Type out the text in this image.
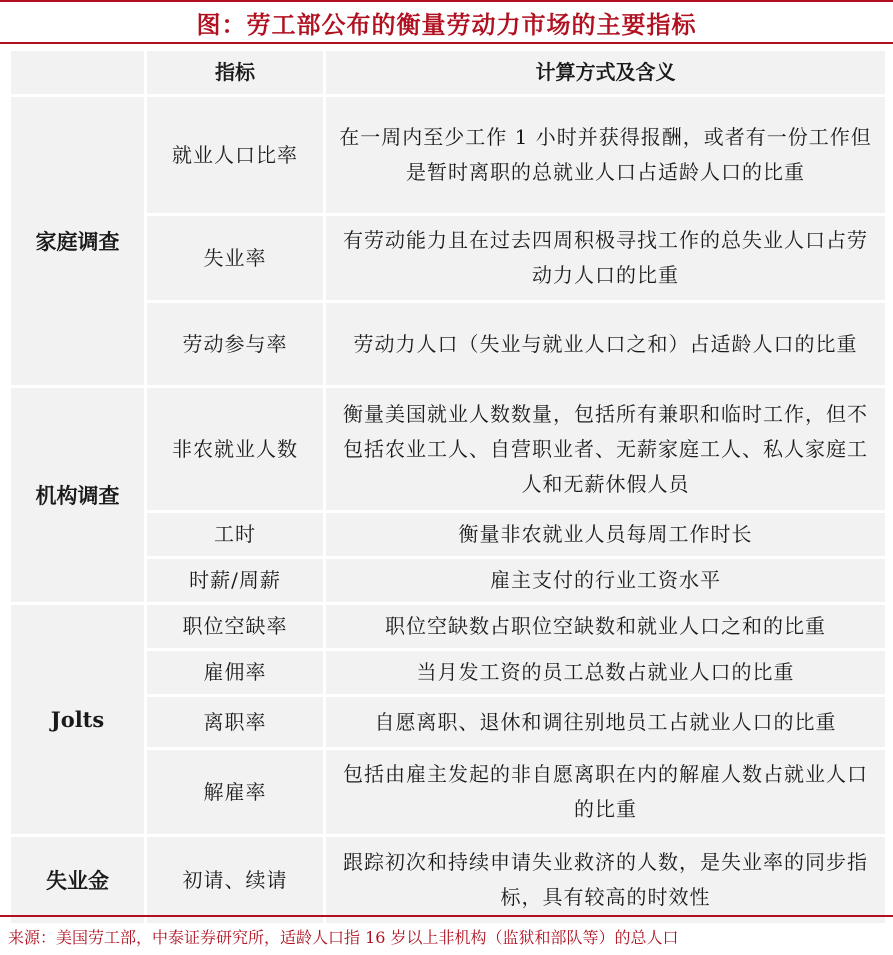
图：劳工部公布的衡量劳动力市场的主要指标
	指标	计算方式及含义
家庭调查	就业人口比率	在一周内至少工作 1 小时并获得报酬，或者有一份工作但是暂时离职的总就业人口占适龄人口的比重
	失业率	有劳动能力且在过去四周积极寻找工作的总失业人口占劳动力人口的比重
	劳动参与率	劳动力人口（失业与就业人口之和）占适龄人口的比重
机构调查	非农就业人数	衡量美国就业人数数量，包括所有兼职和临时工作，但不包括农业工人、自营职业者、无薪家庭工人、私人家庭工人和无薪休假人员
	工时	衡量非农就业人员每周工作时长
	时薪/周薪	雇主支付的行业工资水平
Jolts	职位空缺率	职位空缺数占职位空缺数和就业人口之和的比重
	雇佣率	当月发工资的员工总数占就业人口的比重
	离职率	自愿离职、退休和调往别地员工占就业人口的比重
	解雇率	包括由雇主发起的非自愿离职在内的解雇人数占就业人口的比重
失业金	初请、续请	跟踪初次和持续申请失业救济的人数，是失业率的同步指标，具有较高的时效性
来源：美国劳工部，中泰证券研究所，适龄人口指 16 岁以上非机构（监狱和部队等）的总人口
